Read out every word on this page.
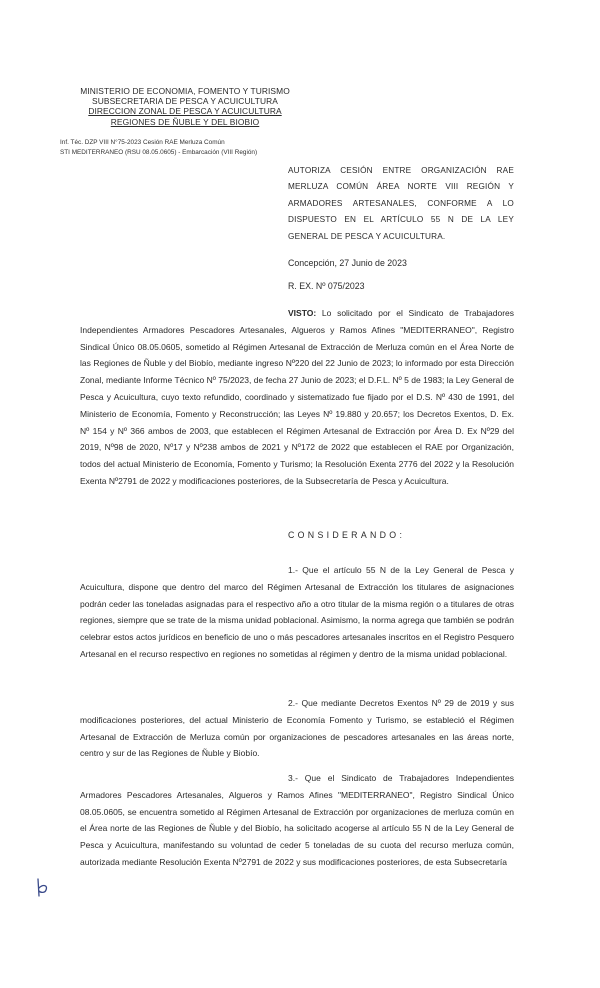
MINISTERIO DE ECONOMIA, FOMENTO Y TURISMO
SUBSECRETARIA DE PESCA Y ACUICULTURA
DIRECCION ZONAL DE PESCA Y ACUICULTURA
REGIONES DE ÑUBLE Y DEL BIOBIO
Inf. Téc. DZP VIII N°75-2023 Cesión RAE Merluza Común
STI MEDITERRANEO (RSU 08.05.0605) - Embarcación (VIII Región)
AUTORIZA CESIÓN ENTRE ORGANIZACIÓN RAE MERLUZA COMÚN ÁREA NORTE VIII REGIÓN Y ARMADORES ARTESANALES, CONFORME A LO DISPUESTO EN EL ARTÍCULO 55 N DE LA LEY GENERAL DE PESCA Y ACUICULTURA.
Concepción, 27 Junio de 2023
R. EX. Nº 075/2023
VISTO: Lo solicitado por el Sindicato de Trabajadores Independientes Armadores Pescadores Artesanales, Algueros y Ramos Afines "MEDITERRANEO", Registro Sindical Único 08.05.0605, sometido al Régimen Artesanal de Extracción de Merluza común en el Área Norte de las Regiones de Ñuble y del Biobío, mediante ingreso Nº220 del 22 Junio de 2023; lo informado por esta Dirección Zonal, mediante Informe Técnico Nº 75/2023, de fecha 27 Junio de 2023; el D.F.L. Nº 5 de 1983; la Ley General de Pesca y Acuicultura, cuyo texto refundido, coordinado y sistematizado fue fijado por el D.S. Nº 430 de 1991, del Ministerio de Economía, Fomento y Reconstrucción; las Leyes Nº 19.880 y 20.657; los Decretos Exentos, D. Ex. Nº 154 y Nº 366 ambos de 2003, que establecen el Régimen Artesanal de Extracción por Área D. Ex Nº29 del 2019, Nº98 de 2020, Nº17 y Nº238 ambos de 2021 y Nº172 de 2022 que establecen el RAE por Organización, todos del actual Ministerio de Economía, Fomento y Turismo; la Resolución Exenta 2776 del 2022 y la Resolución Exenta Nº2791 de 2022 y modificaciones posteriores, de la Subsecretaría de Pesca y Acuicultura.
CONSIDERANDO:
1.- Que el artículo 55 N de la Ley General de Pesca y Acuicultura, dispone que dentro del marco del Régimen Artesanal de Extracción los titulares de asignaciones podrán ceder las toneladas asignadas para el respectivo año a otro titular de la misma región o a titulares de otras regiones, siempre que se trate de la misma unidad poblacional. Asimismo, la norma agrega que también se podrán celebrar estos actos jurídicos en beneficio de uno o más pescadores artesanales inscritos en el Registro Pesquero Artesanal en el recurso respectivo en regiones no sometidas al régimen y dentro de la misma unidad poblacional.
2.- Que mediante Decretos Exentos Nº 29 de 2019 y sus modificaciones posteriores, del actual Ministerio de Economía Fomento y Turismo, se estableció el Régimen Artesanal de Extracción de Merluza común por organizaciones de pescadores artesanales en las áreas norte, centro y sur de las Regiones de Ñuble y Biobío.
3.- Que el Sindicato de Trabajadores Independientes Armadores Pescadores Artesanales, Algueros y Ramos Afines "MEDITERRANEO", Registro Sindical Único 08.05.0605, se encuentra sometido al Régimen Artesanal de Extracción por organizaciones de merluza común en el Área norte de las Regiones de Ñuble y del Biobío, ha solicitado acogerse al artículo 55 N de la Ley General de Pesca y Acuicultura, manifestando su voluntad de ceder 5 toneladas de su cuota del recurso merluza común, autorizada mediante Resolución Exenta Nº2791 de 2022 y sus modificaciones posteriores, de esta Subsecretaría
